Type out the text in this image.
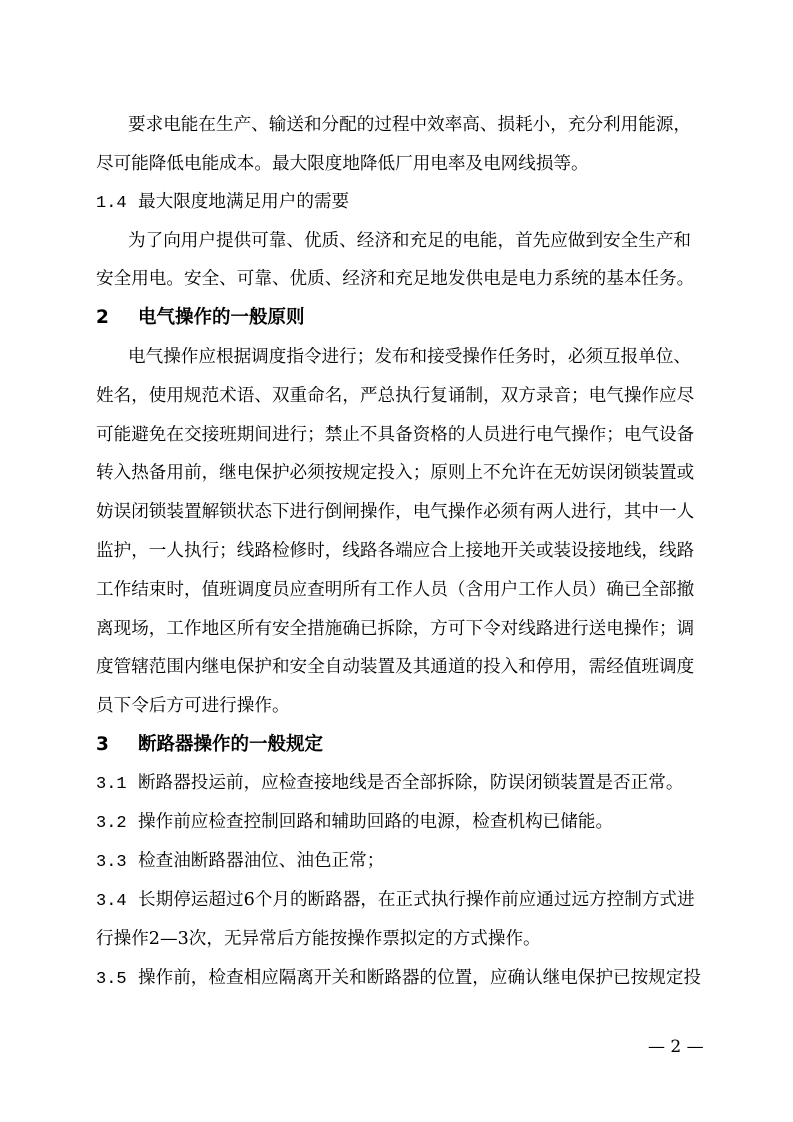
要求电能在生产、输送和分配的过程中效率高、损耗小，充分利用能源，
尽可能降低电能成本。最大限度地降低厂用电率及电网线损等。
1.4 最大限度地满足用户的需要
为了向用户提供可靠、优质、经济和充足的电能，首先应做到安全生产和
安全用电。安全、可靠、优质、经济和充足地发供电是电力系统的基本任务。
2 电气操作的一般原则
电气操作应根据调度指令进行；发布和接受操作任务时，必须互报单位、
姓名，使用规范术语、双重命名，严总执行复诵制，双方录音；电气操作应尽
可能避免在交接班期间进行；禁止不具备资格的人员进行电气操作；电气设备
转入热备用前，继电保护必须按规定投入；原则上不允许在无妨误闭锁装置或
妨误闭锁装置解锁状态下进行倒闸操作，电气操作必须有两人进行，其中一人
监护，一人执行；线路检修时，线路各端应合上接地开关或装设接地线，线路
工作结束时，值班调度员应查明所有工作人员（含用户工作人员）确已全部撤
离现场，工作地区所有安全措施确已拆除，方可下令对线路进行送电操作；调
度管辖范围内继电保护和安全自动装置及其通道的投入和停用，需经值班调度
员下令后方可进行操作。
3 断路器操作的一般规定
3.1 断路器投运前，应检查接地线是否全部拆除，防误闭锁装置是否正常。
3.2 操作前应检查控制回路和辅助回路的电源，检查机构已储能。
3.3 检查油断路器油位、油色正常；
3.4 长期停运超过6个月的断路器，在正式执行操作前应通过远方控制方式进
行操作2—3次，无异常后方能按操作票拟定的方式操作。
3.5 操作前，检查相应隔离开关和断路器的位置，应确认继电保护已按规定投
— 2 —
